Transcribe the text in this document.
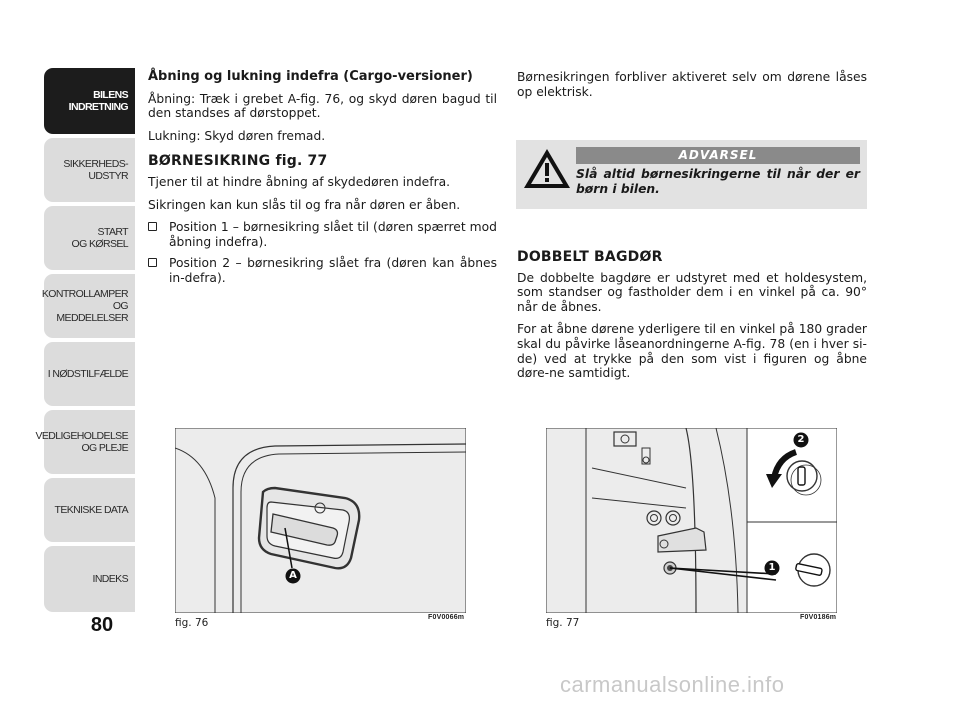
BILENS
INDRETNING
SIKKERHEDS-
UDSTYR
START
OG KØRSEL
KONTROLLAMPER
OG MEDDELELSER
I NØDSTILFÆLDE
VEDLIGEHOLDELSE
OG PLEJE
TEKNISKE DATA
INDEKS
80
Åbning og lukning indefra (Cargo-versioner)

Åbning: Træk i grebet A-fig. 76, og skyd døren bagud til den standses af dørstoppet.

Lukning: Skyd døren fremad.

BØRNESIKRING fig. 77

Tjener til at hindre åbning af skydedøren indefra.

Sikringen kan kun slås til og fra når døren er åben.

Position 1 – børnesikring slået til (døren spærret mod åbning indefra).
Position 2 – børnesikring slået fra (døren kan åbnes in-defra).

Børnesikringen forbliver aktiveret selv om dørene låses op elektrisk.

ADVARSEL
Slå altid børnesikringerne til når der er børn i bilen.
DOBBELT BAGDØR

De dobbelte bagdøre er udstyret med et holdesystem, som standser og fastholder dem i en vinkel på ca. 90° når de åbnes.

For at åbne dørene yderligere til en vinkel på 180 grader skal du påvirke låseanordningerne A-fig. 78 (en i hver si-de) ved at trykke på den som vist i figuren og åbne døre-ne samtidigt.

A
fig. 76	F0V0066m
2
1
fig. 77	F0V0186m
carmanualsonline.info
